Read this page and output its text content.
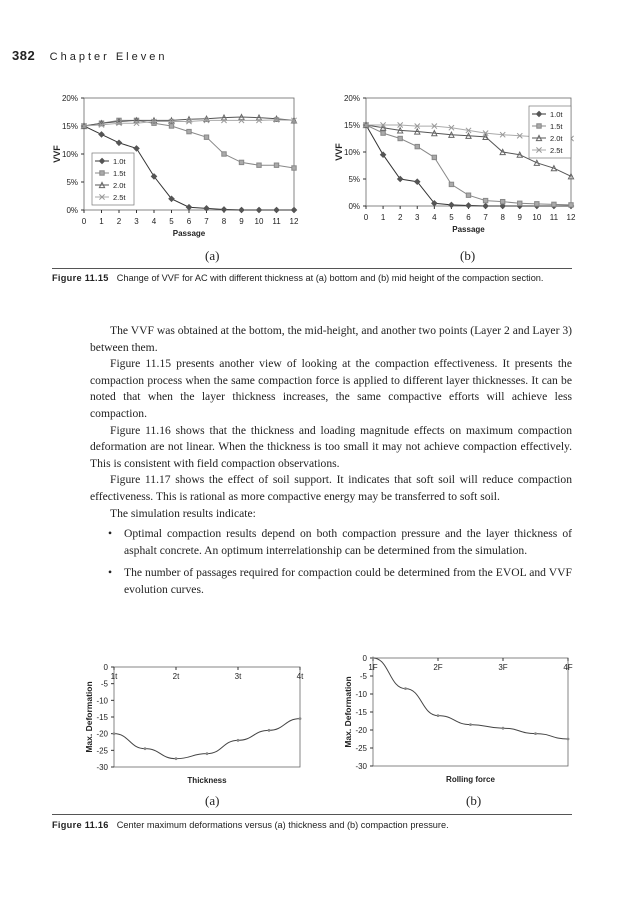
382 Chapter Eleven
0%
5%
10%
15%
20%
0 1 2 3 4 5 6 7 8 9 10 11 12
Passage
VVF	1.0t
1.5t
2.0t
2.5t
0%
5%
10%
15%
20%
0 1 2 3 4 5 6 7 8 9 10 11 12
Passage
VVF
1.0t
1.5t
2.0t
2.5t
(a)	(b)
Figure 11.15 Change of VVF for AC with different thickness at (a) bottom and (b) mid height of the compaction section.

The VVF was obtained at the bottom, the mid-height, and another two points (Layer 2 and Layer 3) between them.

Figure 11.15 presents another view of looking at the compaction effectiveness. It presents the compaction process when the same compaction force is applied to different layer thicknesses. It can be noted that when the layer thickness increases, the same compactive efforts will achieve less compaction.

Figure 11.16 shows that the thickness and loading magnitude effects on maximum compaction deformation are not linear. When the thickness is too small it may not achieve compaction effectively. This is consistent with field compaction observations.

Figure 11.17 shows the effect of soil support. It indicates that soft soil will reduce compaction effectiveness. This is rational as more compactive energy may be transferred to soft soil.

The simulation results indicate:

• Optimal compaction results depend on both compaction pressure and the layer thickness of asphalt concrete. An optimum interrelationship can be determined from the simulation.
• The number of passages required for compaction could be determined from the EVOL and VVF evolution curves.
0
-5
-10
-15
-20
-25
-30
1t	2t	3t	4t
Thickness
Max. Deformation
0
-5
-10
-15
-20
-25
-30
1F	2F	3F	4F
Rolling force
Max. Deformation
(a)	(b)
Figure 11.16 Center maximum deformations versus (a) thickness and (b) compaction pressure.
